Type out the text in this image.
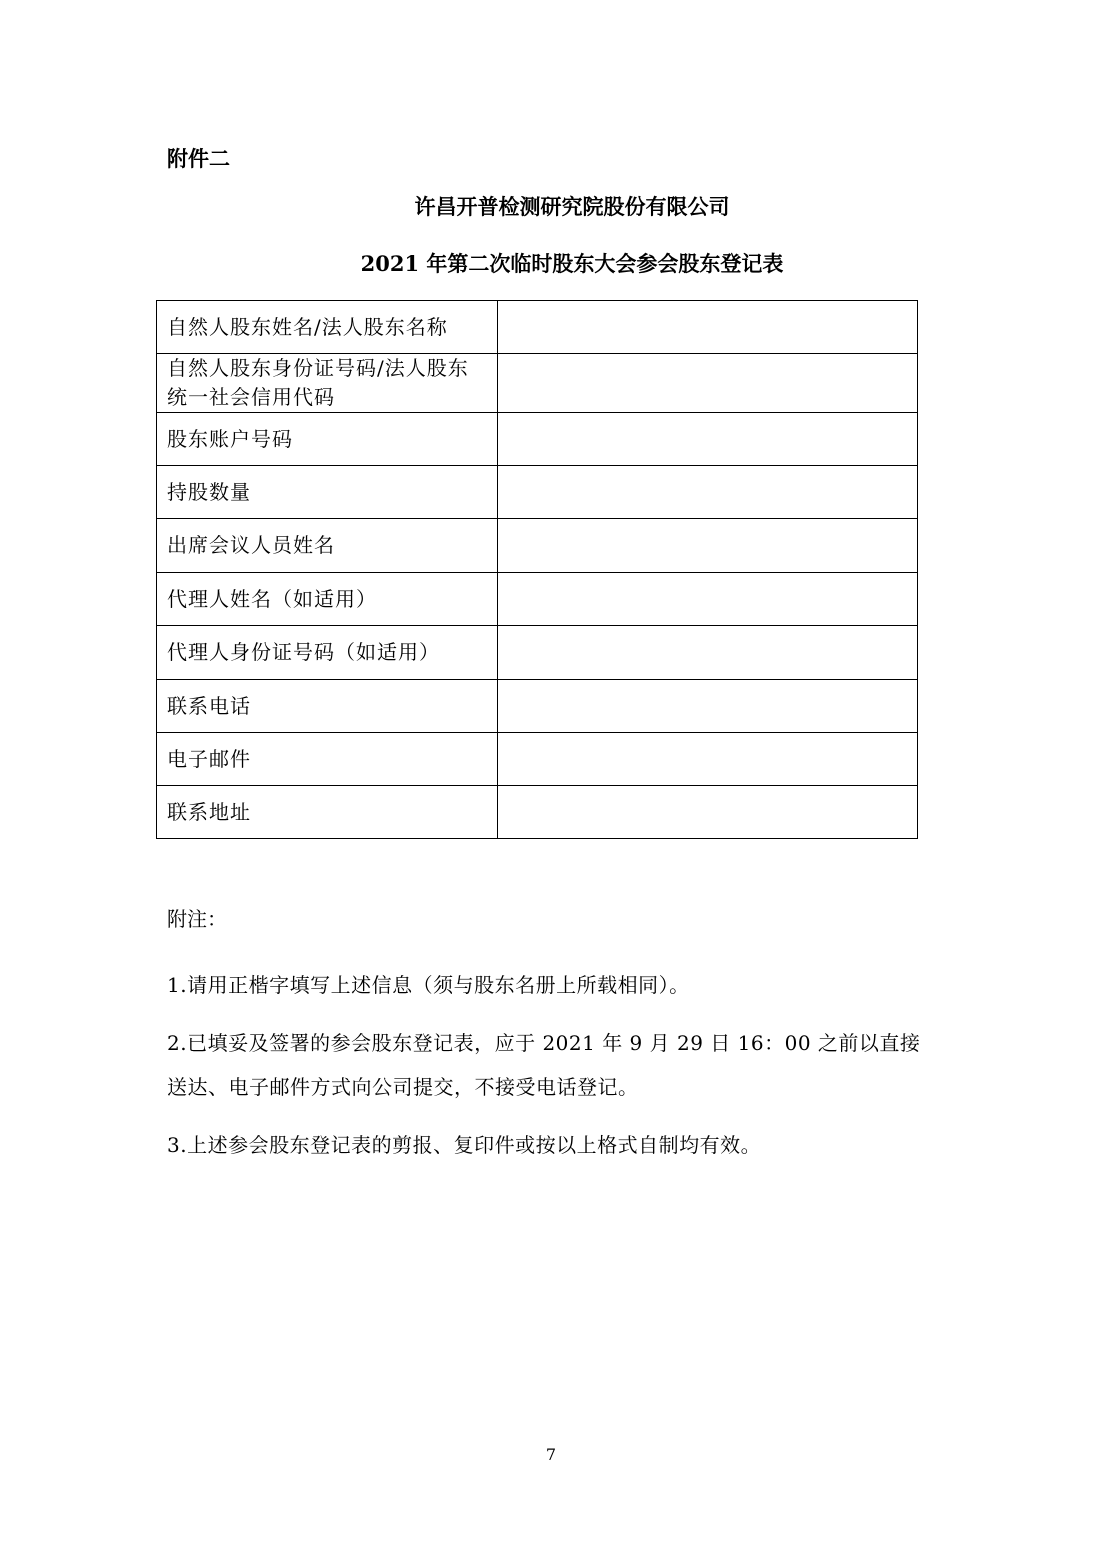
附件二
许昌开普检测研究院股份有限公司
2021 年第二次临时股东大会参会股东登记表
自然人股东姓名/法人股东名称	
自然人股东身份证号码/法人股东统一社会信用代码	
股东账户号码	
持股数量	
出席会议人员姓名	
代理人姓名（如适用）	
代理人身份证号码（如适用）	
联系电话	
电子邮件	
联系地址	

附注：

1.请用正楷字填写上述信息（须与股东名册上所载相同）。

2.已填妥及签署的参会股东登记表，应于 2021 年 9 月 29 日 16：00 之前以直接送达、电子邮件方式向公司提交，不接受电话登记。

3.上述参会股东登记表的剪报、复印件或按以上格式自制均有效。

7
